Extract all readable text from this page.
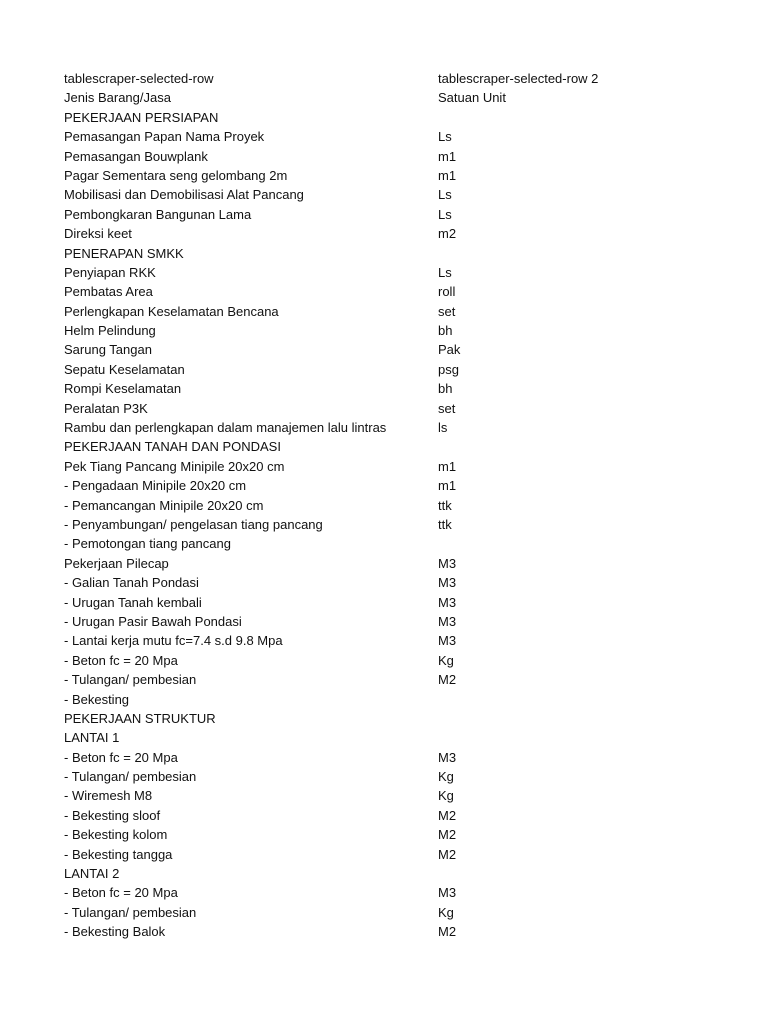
tablescraper-selected-row	tablescraper-selected-row 2
Jenis Barang/Jasa	Satuan Unit
PEKERJAAN PERSIAPAN
Pemasangan Papan Nama Proyek	Ls
Pemasangan Bouwplank	m1
Pagar Sementara seng gelombang 2m	m1
Mobilisasi dan Demobilisasi Alat Pancang	Ls
Pembongkaran Bangunan Lama	Ls
Direksi keet	m2
PENERAPAN SMKK
Penyiapan RKK	Ls
Pembatas Area	roll
Perlengkapan Keselamatan Bencana	set
Helm Pelindung	bh
Sarung Tangan	Pak
Sepatu Keselamatan	psg
Rompi Keselamatan	bh
Peralatan P3K	set
Rambu dan perlengkapan dalam manajemen lalu lintras	ls
PEKERJAAN TANAH DAN PONDASI
Pek Tiang Pancang Minipile 20x20 cm	m1
- Pengadaan Minipile 20x20 cm	m1
- Pemancangan Minipile 20x20 cm	ttk
- Penyambungan/ pengelasan tiang pancang	ttk
- Pemotongan tiang pancang
Pekerjaan Pilecap	M3
- Galian Tanah Pondasi	M3
- Urugan Tanah kembali	M3
- Urugan Pasir Bawah Pondasi	M3
- Lantai kerja mutu fc=7.4 s.d 9.8 Mpa	M3
- Beton fc = 20 Mpa	Kg
- Tulangan/ pembesian	M2
- Bekesting
PEKERJAAN STRUKTUR
LANTAI 1
- Beton fc = 20 Mpa	M3
- Tulangan/ pembesian	Kg
- Wiremesh M8	Kg
- Bekesting sloof	M2
- Bekesting kolom	M2
- Bekesting tangga	M2
LANTAI 2
- Beton fc = 20 Mpa	M3
- Tulangan/ pembesian	Kg
- Bekesting Balok	M2
